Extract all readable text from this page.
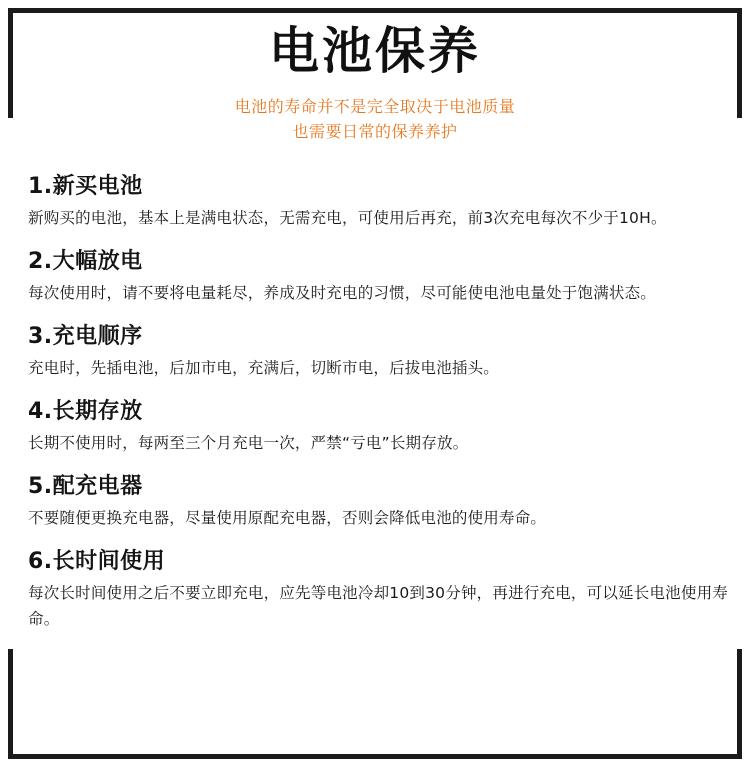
电池保养
电池的寿命并不是完全取决于电池质量
也需要日常的保养养护
1.新买电池

新购买的电池，基本上是满电状态，无需充电，可使用后再充，前3次充电每次不少于10H。

2.大幅放电

每次使用时，请不要将电量耗尽，养成及时充电的习惯，尽可能使电池电量处于饱满状态。

3.充电顺序

充电时，先插电池，后加市电，充满后，切断市电，后拔电池插头。

4.长期存放

长期不使用时，每两至三个月充电一次，严禁“亏电”长期存放。

5.配充电器

不要随便更换充电器，尽量使用原配充电器，否则会降低电池的使用寿命。

6.长时间使用

每次长时间使用之后不要立即充电，应先等电池冷却10到30分钟，再进行充电，可以延长电池使用寿命。
